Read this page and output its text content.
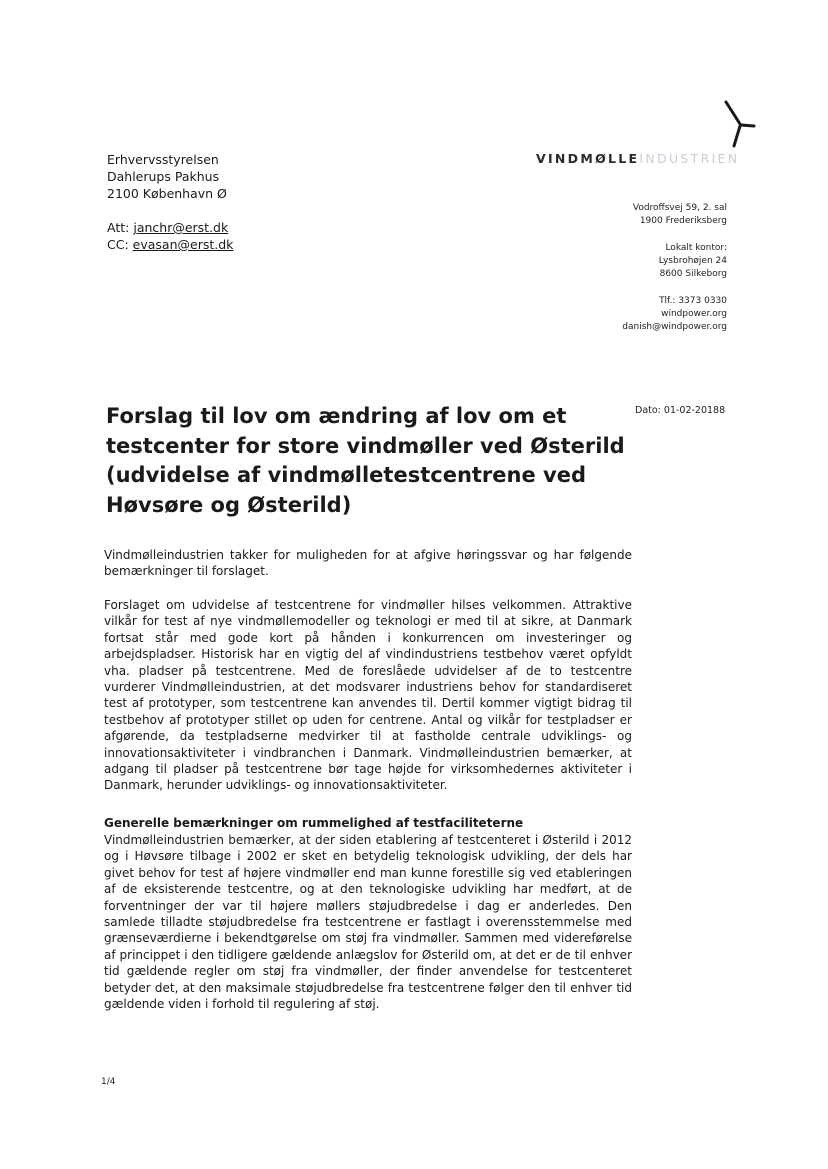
Erhvervsstyrelsen
Dahlerups Pakhus
2100 København Ø
Att: janchr@erst.dk
CC: evasan@erst.dk
VINDMØLLEINDUSTRIEN
Vodroffsvej 59, 2. sal
1900 Frederiksberg
Lokalt kontor:
Lysbrohøjen 24
8600 Silkeborg
Tlf.: 3373 0330
windpower.org
danish@windpower.org
Dato: 01-02-20188
Forslag til lov om ændring af lov om et testcenter for store vindmøller ved Østerild (udvidelse af vindmølletestcentrene ved Høvsøre og Østerild)

Vindmølleindustrien takker for muligheden for at afgive høringssvar og har følgende bemærkninger til forslaget.

Forslaget om udvidelse af testcentrene for vindmøller hilses velkommen. Attraktive vilkår for test af nye vindmøllemodeller og teknologi er med til at sikre, at Danmark fortsat står med gode kort på hånden i konkurrencen om investeringer og arbejdspladser. Historisk har en vigtig del af vindindustriens testbehov været opfyldt vha. pladser på testcentrene. Med de foreslåede udvidelser af de to testcentre vurderer Vindmølleindustrien, at det modsvarer industriens behov for standardiseret test af prototyper, som testcentrene kan anvendes til. Dertil kommer vigtigt bidrag til testbehov af prototyper stillet op uden for centrene. Antal og vilkår for testpladser er afgørende, da testpladserne medvirker til at fastholde centrale udviklings- og innovationsaktiviteter i vindbranchen i Danmark. Vindmølleindustrien bemærker, at adgang til pladser på testcentrene bør tage højde for virksomhedernes aktiviteter i Danmark, herunder udviklings- og innovationsaktiviteter.

Generelle bemærkninger om rummelighed af testfaciliteterne

Vindmølleindustrien bemærker, at der siden etablering af testcenteret i Østerild i 2012 og i Høvsøre tilbage i 2002 er sket en betydelig teknologisk udvikling, der dels har givet behov for test af højere vindmøller end man kunne forestille sig ved etableringen af de eksisterende testcentre, og at den teknologiske udvikling har medført, at de forventninger der var til højere møllers støjudbredelse i dag er anderledes. Den samlede tilladte støjudbredelse fra testcentrene er fastlagt i overensstemmelse med grænseværdierne i bekendtgørelse om støj fra vindmøller. Sammen med videreførelse af princippet i den tidligere gældende anlægslov for Østerild om, at det er de til enhver tid gældende regler om støj fra vindmøller, der finder anvendelse for testcenteret betyder det, at den maksimale støjudbredelse fra testcentrene følger den til enhver tid gældende viden i forhold til regulering af støj.

1/4
